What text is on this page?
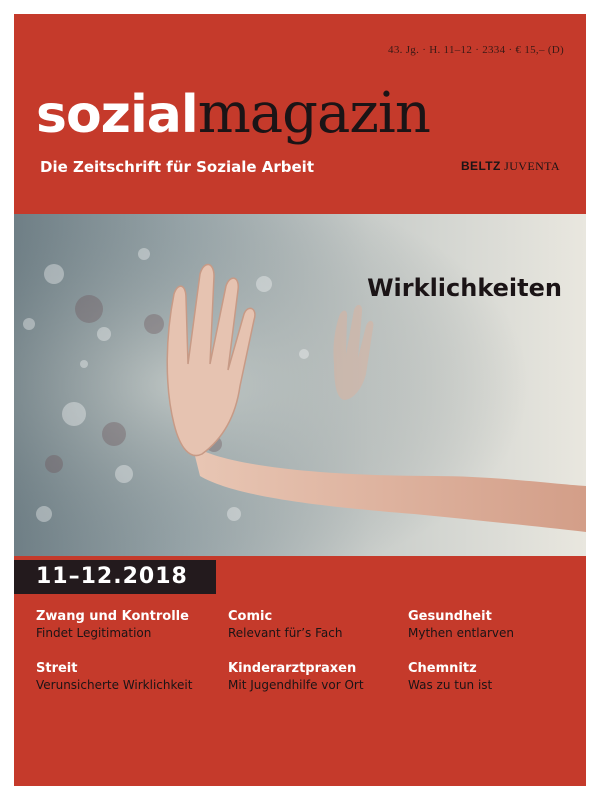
43. Jg. · H. 11–12 · 2334 · € 15,– (D)
sozialmagazin
Die Zeitschrift für Soziale Arbeit	BELTZ JUVENTA
Wirklichkeiten
11–12.2018
Zwang und Kontrolle
Findet Legitimation
Comic
Relevant für’s Fach
Gesundheit
Mythen entlarven
Streit
Verunsicherte Wirklichkeit
Kinderarztpraxen
Mit Jugendhilfe vor Ort
Chemnitz
Was zu tun ist
